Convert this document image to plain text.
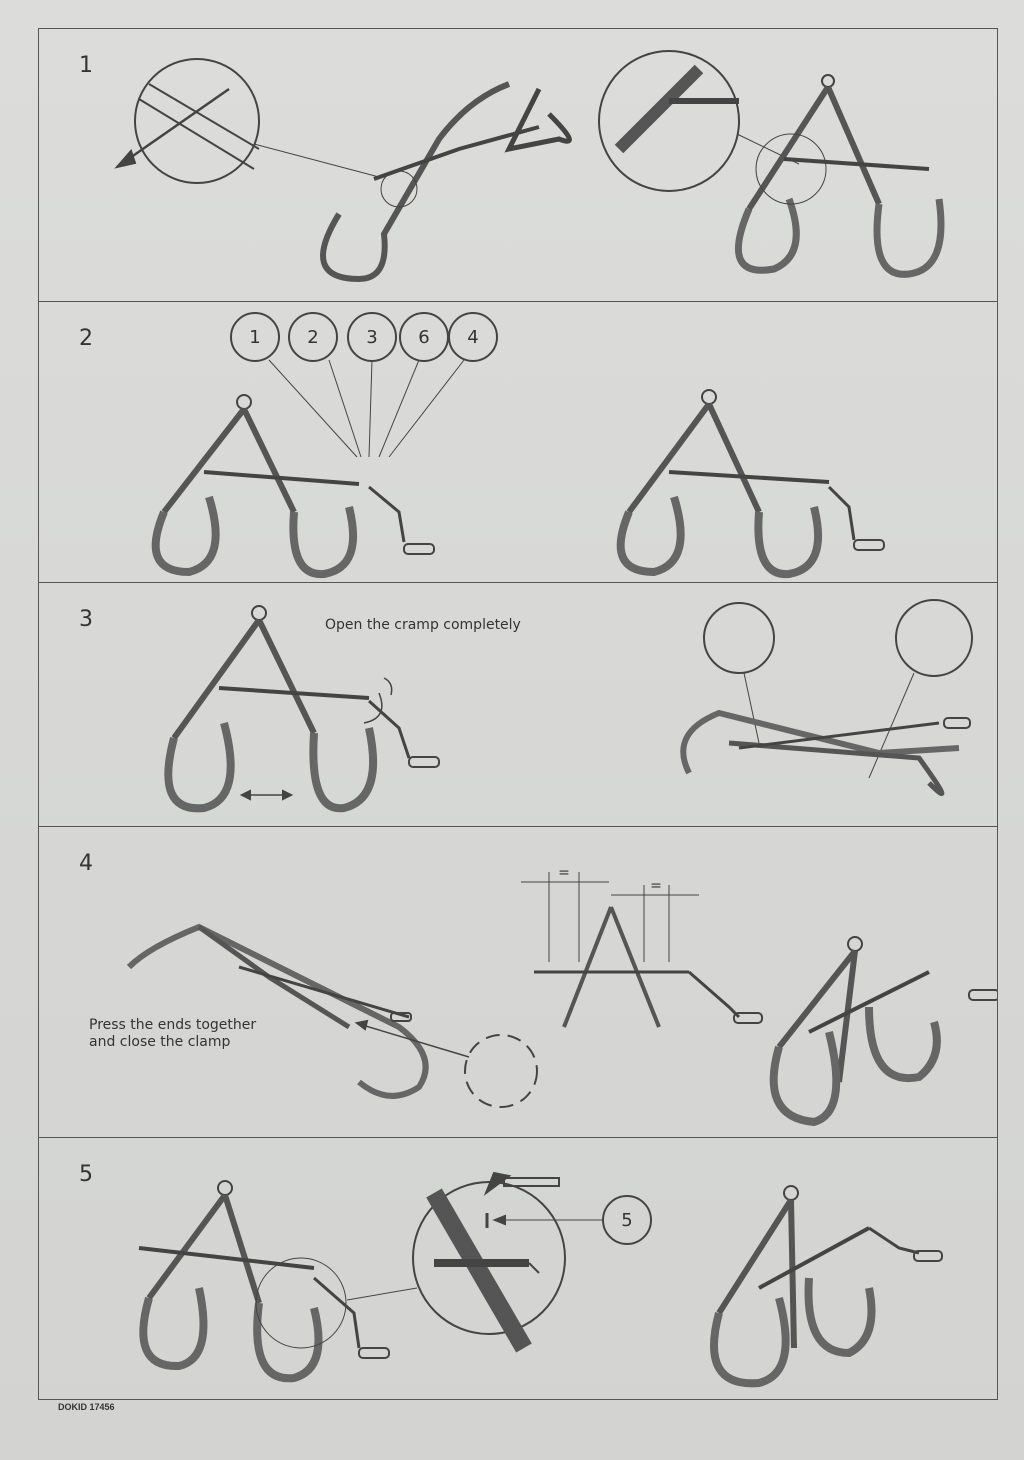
1
2	1	2	3 6 4
3	Open the cramp completely
4
Press the ends together
and close the clamp
=
=
5
5
DOKID 17456
